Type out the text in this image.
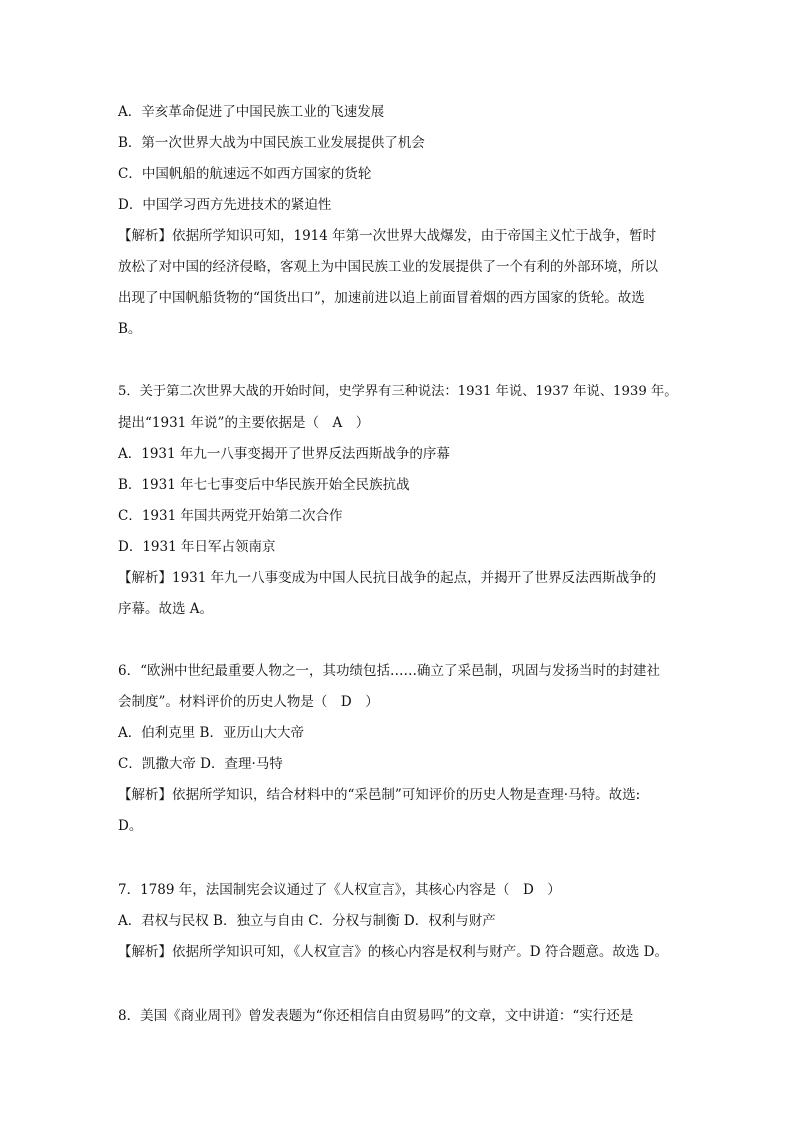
A．辛亥革命促进了中国民族工业的飞速发展
B．第一次世界大战为中国民族工业发展提供了机会
C．中国帆船的航速远不如西方国家的货轮
D．中国学习西方先进技术的紧迫性
【解析】依据所学知识可知，1914 年第一次世界大战爆发，由于帝国主义忙于战争，暂时
放松了对中国的经济侵略，客观上为中国民族工业的发展提供了一个有利的外部环境，所以
出现了中国帆船货物的“国货出口”，加速前进以追上前面冒着烟的西方国家的货轮。故选
B。
5．关于第二次世界大战的开始时间，史学界有三种说法：1931 年说、1937 年说、1939 年。
提出“1931 年说”的主要依据是（　A　）
A．1931 年九一八事变揭开了世界反法西斯战争的序幕
B．1931 年七七事变后中华民族开始全民族抗战
C．1931 年国共两党开始第二次合作
D．1931 年日军占领南京
【解析】1931 年九一八事变成为中国人民抗日战争的起点，并揭开了世界反法西斯战争的
序幕。故选 A。
6．“欧洲中世纪最重要人物之一，其功绩包括……确立了采邑制，巩固与发扬当时的封建社
会制度”。材料评价的历史人物是（　D　）
A．伯利克里 B．亚历山大大帝
C．凯撒大帝 D．查理·马特
【解析】依据所学知识，结合材料中的“采邑制”可知评价的历史人物是查理·马特。故选:
D。
7．1789 年，法国制宪会议通过了《人权宣言》，其核心内容是（　D　）
A．君权与民权 B．独立与自由 C．分权与制衡 D．权利与财产
【解析】依据所学知识可知，《人权宣言》的核心内容是权利与财产。D 符合题意。故选 D。
8．美国《商业周刊》曾发表题为“你还相信自由贸易吗”的文章，文中讲道：“实行还是
